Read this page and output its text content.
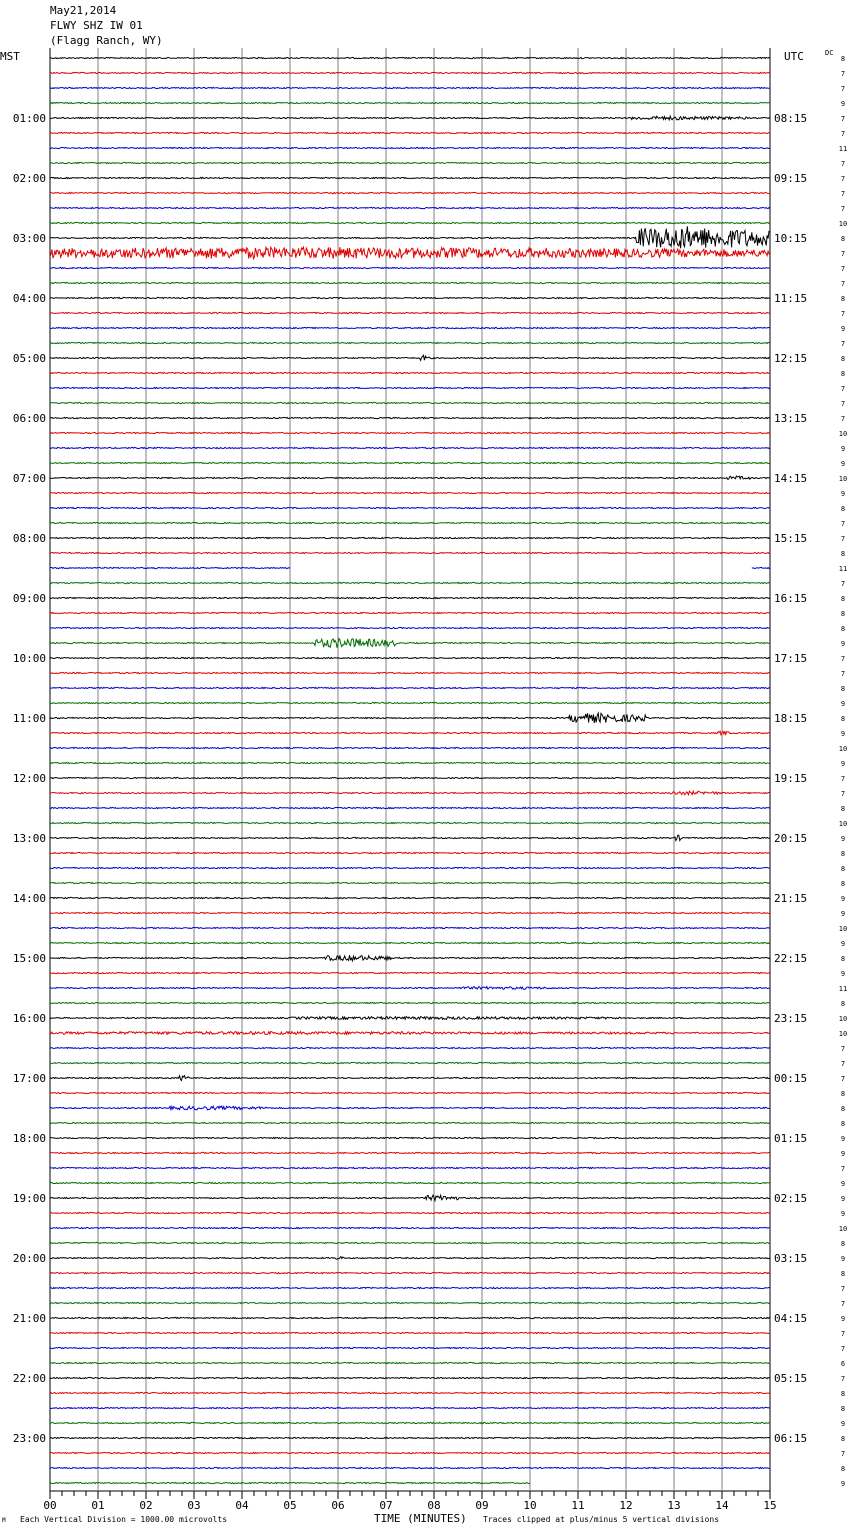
May21,2014
FLWY SHZ IW 01
(Flagg Ranch, WY)
MST	UTC	DC
8
7
7
9
7
7
11
7
7
7
7
10
8
7
7
7
8
7
9
7
8
8
7
7
7
10
9
9
10
9
8
7
7
8
11
7
8
8
8
9
7
7
8
9
8
9
10
9
7
7
8
10
9
8
8
8
9
9
10
9
8
9
11
8
10
10
7
7
7
8
8
8
9
9
7
9
9
9
10
8
9
8
7
7
9
7
7
6
7
8
8
9
8
7
8
9
01:00
02:00
03:00
04:00
05:00
06:00
07:00
08:00
09:00
10:00
11:00
12:00
13:00
14:00
15:00
16:00
17:00
18:00
19:00
20:00
21:00
22:00
23:00
08:15
09:15
10:15
11:15
12:15
13:15
14:15
15:15
16:15
17:15
18:15
19:15
20:15
21:15
22:15
23:15
00:15
01:15
02:15
03:15
04:15
05:15
06:15
00	01	02	03	04	05	06	07	08	09	10	11	12	13	14	15
TIME (MINUTES)
M Each Vertical Division = 1000.00 microvolts	Traces clipped at plus/minus 5 vertical divisions
